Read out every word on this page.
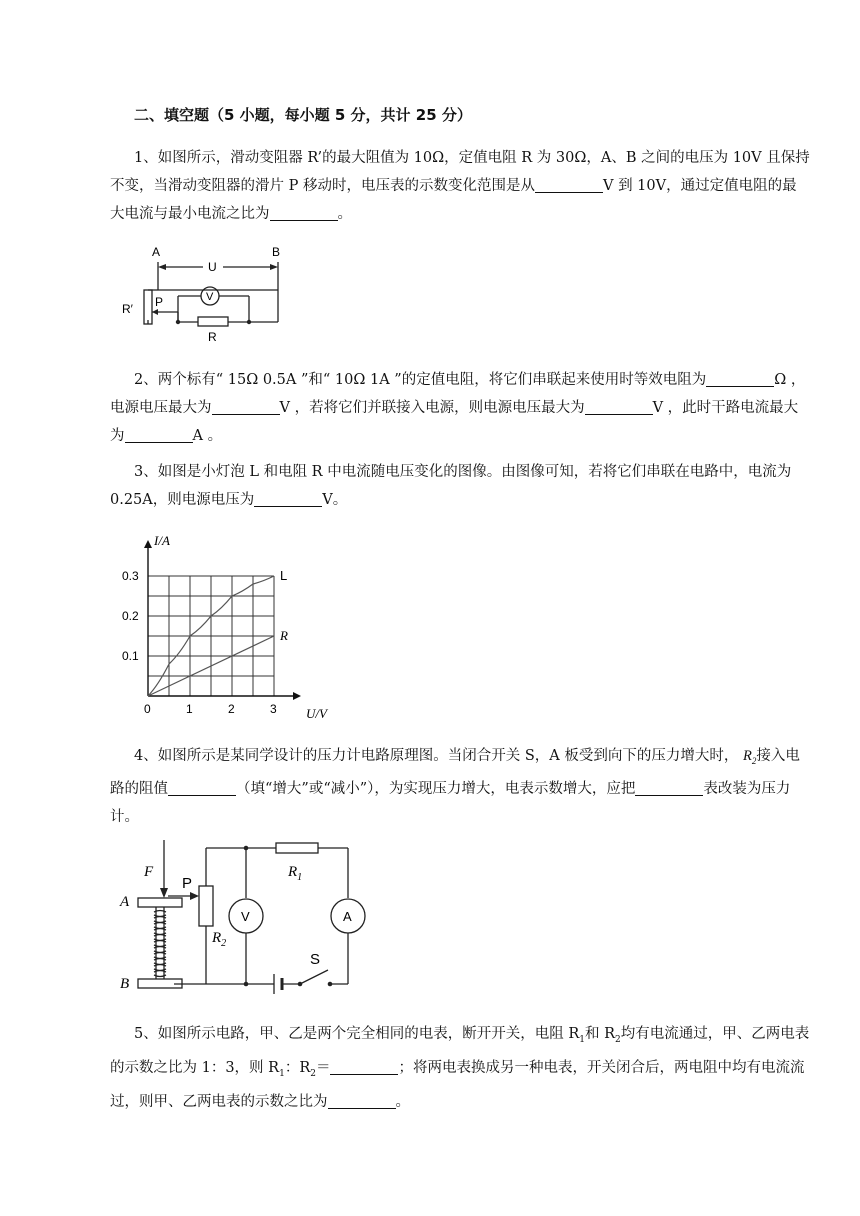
二、填空题（5 小题，每小题 5 分，共计 25 分）

1、如图所示，滑动变阻器 R’的最大阻值为 10Ω，定值电阻 R 为 30Ω，A、B 之间的电压为 10V 且保持不变，当滑动变阻器的滑片 P 移动时，电压表的示数变化范围是从	V 到 10V，通过定值电阻的最大电流与最小电流之比为	。

A	B
U
R′ P	V
R

2、两个标有“ 15Ω 0.5A ”和“ 10Ω 1A ”的定值电阻，将它们串联起来使用时等效电阻为	Ω ，电源电压最大为	V ，若将它们并联接入电源，则电源电压最大为	V ，此时干路电流最大为	A 。

3、如图是小灯泡 L 和电阻 R 中电流随电压变化的图像。由图像可知，若将它们串联在电路中，电流为 0.25A，则电源电压为	V。

L
R
0	1	2	3
0.1
0.2
0.3
I/A
U/V

4、如图所示是某同学设计的压力计电路原理图。当闭合开关 S，A 板受到向下的压力增大时， $R_2$接入电路的阻值	（填“增大”或“减小”），为实现压力增大，电表示数增大，应把	表改装为压力计。

F
P
A
B
$R_1$
$R_2$
V	A
S

5、如图所示电路，甲、乙是两个完全相同的电表，断开开关，电阻 $R_1$和 $R_2$均有电流通过，甲、乙两电表的示数之比为 1：3，则 $R_1$：$R_2=$	；将两电表换成另一种电表，开关闭合后，两电阻中均有电流流过，则甲、乙两电表的示数之比为	。
